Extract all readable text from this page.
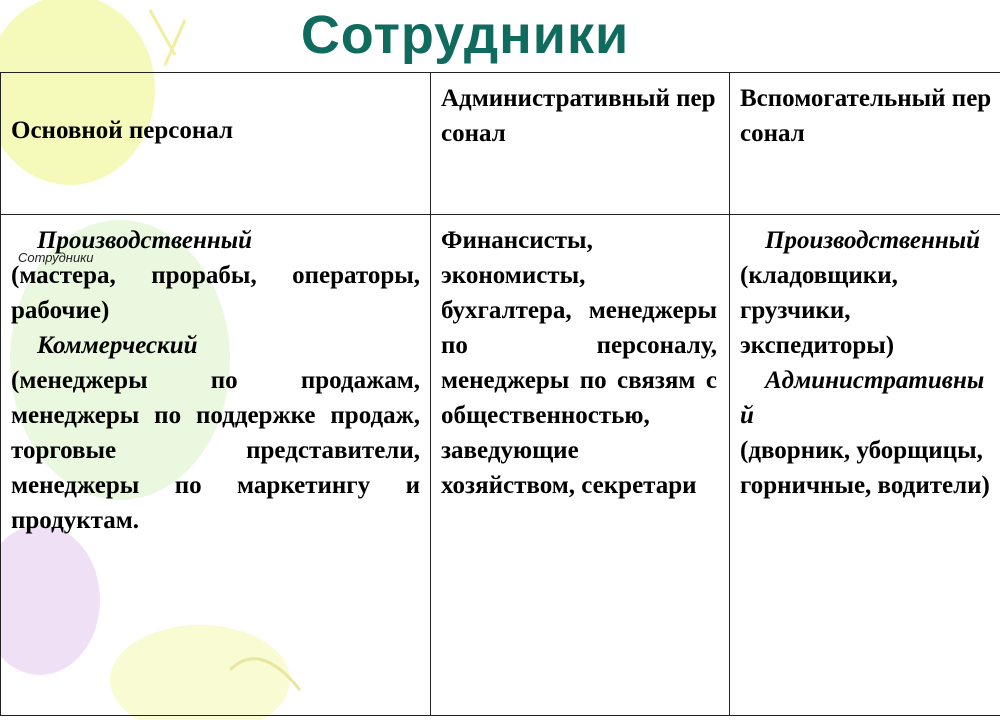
Сотрудники
Основной персонал	Административный персонал	Вспомогательный персонал

Производственный
(мастера, прорабы, операторы, рабочие)
Коммерческий
(менеджеры по продажам, менеджеры по поддержке продаж, торговые представители, менеджеры по маркетингу и продуктам.	Финансисты, экономисты, бухгалтера, менеджеры по персоналу, менеджеры по связям с общественностью, заведующие хозяйством, секретари	Производственный
(кладовщики, грузчики, экспедиторы)
Административный
(дворник, уборщицы, горничные, водители)
Сотрудники
